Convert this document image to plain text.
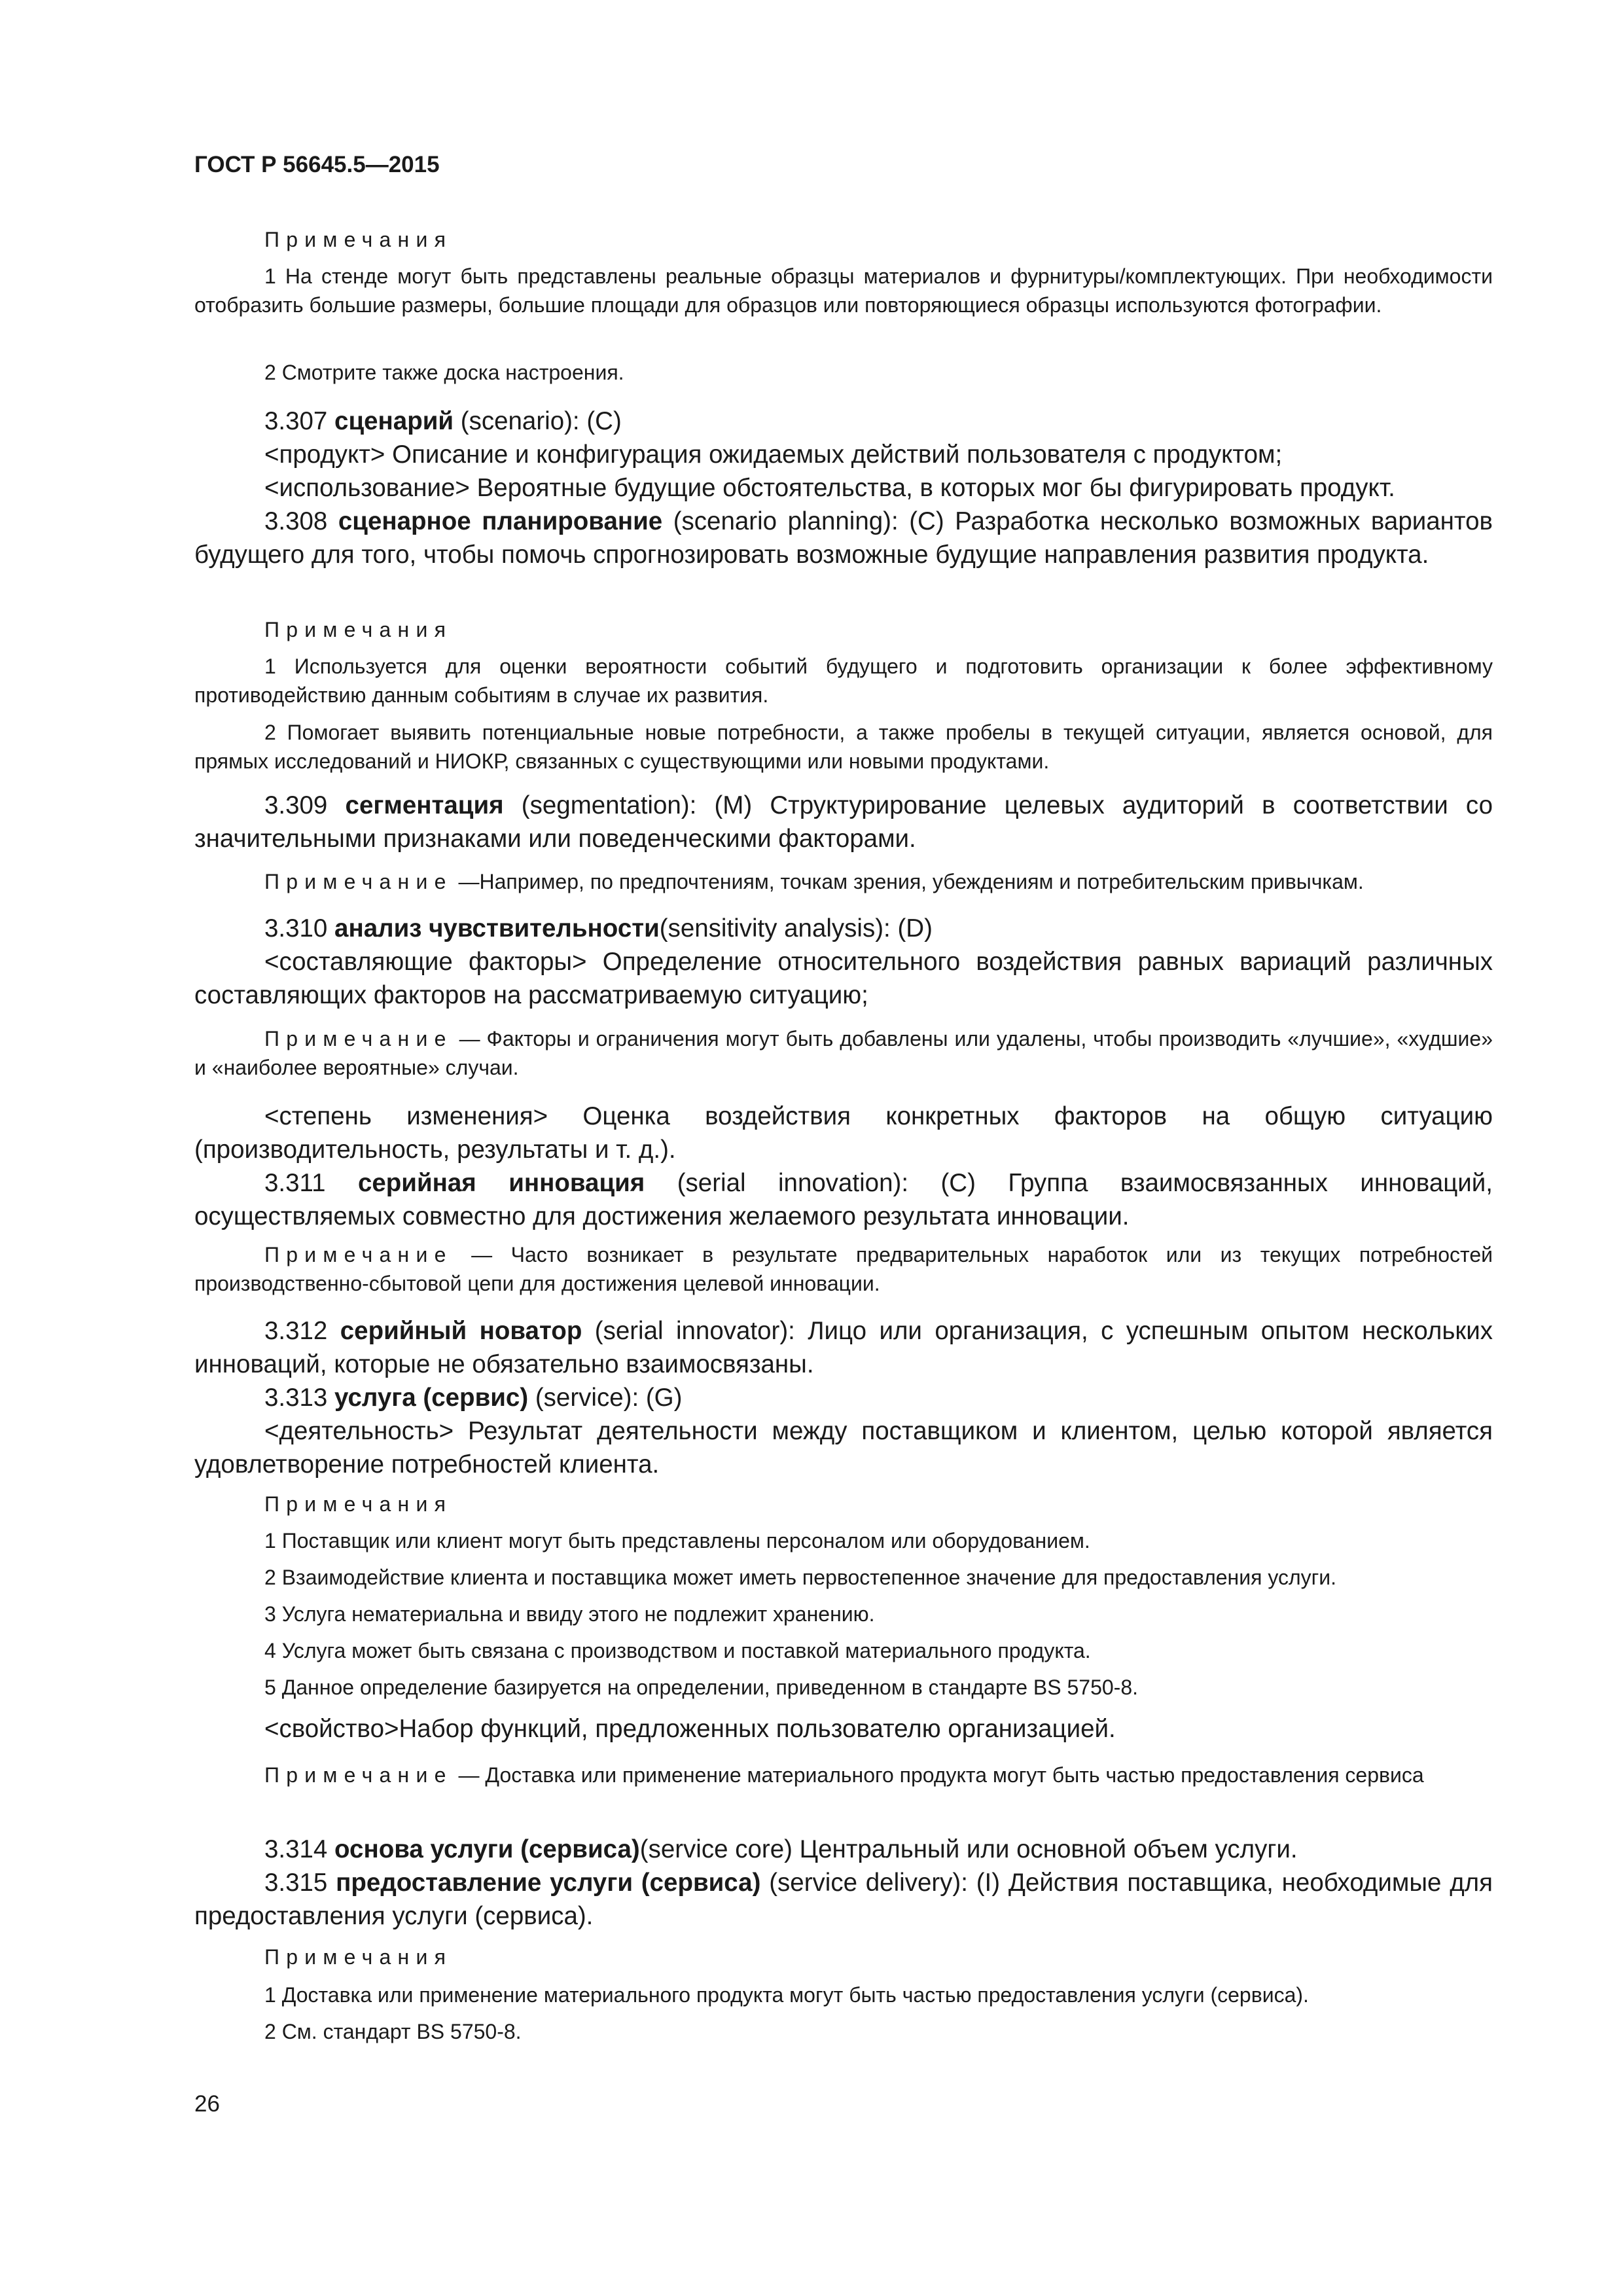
ГОСТ Р 56645.5—2015
Примечания
1 На стенде могут быть представлены реальные образцы материалов и фурнитуры/комплектующих. При необходимости отобразить большие размеры, большие площади для образцов или повторяющиеся образцы используются фотографии.
2 Смотрите также доска настроения.
3.307 сценарий (scenario): (С)
<продукт> Описание и конфигурация ожидаемых действий пользователя с продуктом;
<использование> Вероятные будущие обстоятельства, в которых мог бы фигурировать продукт.
3.308 сценарное планирование (scenario planning): (С) Разработка несколько возможных вариантов будущего для того, чтобы помочь спрогнозировать возможные будущие направления развития продукта.
Примечания
1 Используется для оценки вероятности событий будущего и подготовить организации к более эффективному противодействию данным событиям в случае их развития.
2 Помогает выявить потенциальные новые потребности, а также пробелы в текущей ситуации, является основой, для прямых исследований и НИОКР, связанных с существующими или новыми продуктами.
3.309 сегментация (segmentation): (М) Структурирование целевых аудиторий в соответствии со значительными признаками или поведенческими факторами.
Примечание —Например, по предпочтениям, точкам зрения, убеждениям и потребительским привычкам.
3.310 анализ чувствительности(sensitivity analysis): (D)
<составляющие факторы> Определение относительного воздействия равных вариаций различных составляющих факторов на рассматриваемую ситуацию;
Примечание — Факторы и ограничения могут быть добавлены или удалены, чтобы производить «лучшие», «худшие» и «наиболее вероятные» случаи.
<степень изменения> Оценка воздействия конкретных факторов на общую ситуацию (производительность, результаты и т. д.).
3.311 серийная инновация (serial innovation): (С) Группа взаимосвязанных инноваций, осуществляемых совместно для достижения желаемого результата инновации.
Примечание — Часто возникает в результате предварительных наработок или из текущих потребностей производственно-сбытовой цепи для достижения целевой инновации.
3.312 серийный новатор (serial innovator): Лицо или организация, с успешным опытом нескольких инноваций, которые не обязательно взаимосвязаны.
3.313 услуга (сервис) (service): (G)
<деятельность> Результат деятельности между поставщиком и клиентом, целью которой является удовлетворение потребностей клиента.
Примечания
1 Поставщик или клиент могут быть представлены персоналом или оборудованием.
2 Взаимодействие клиента и поставщика может иметь первостепенное значение для предоставления услуги.
3 Услуга нематериальна и ввиду этого не подлежит хранению.
4 Услуга может быть связана с производством и поставкой материального продукта.
5 Данное определение базируется на определении, приведенном в стандарте BS 5750-8.
<свойство>Набор функций, предложенных пользователю организацией.
Примечание — Доставка или применение материального продукта могут быть частью предоставления сервиса
3.314 основа услуги (сервиса)(service core) Центральный или основной объем услуги.
3.315 предоставление услуги (сервиса) (service delivery): (I) Действия поставщика, необходимые для предоставления услуги (сервиса).
Примечания
1 Доставка или применение материального продукта могут быть частью предоставления услуги (сервиса).
2 См. стандарт BS 5750-8.
26
